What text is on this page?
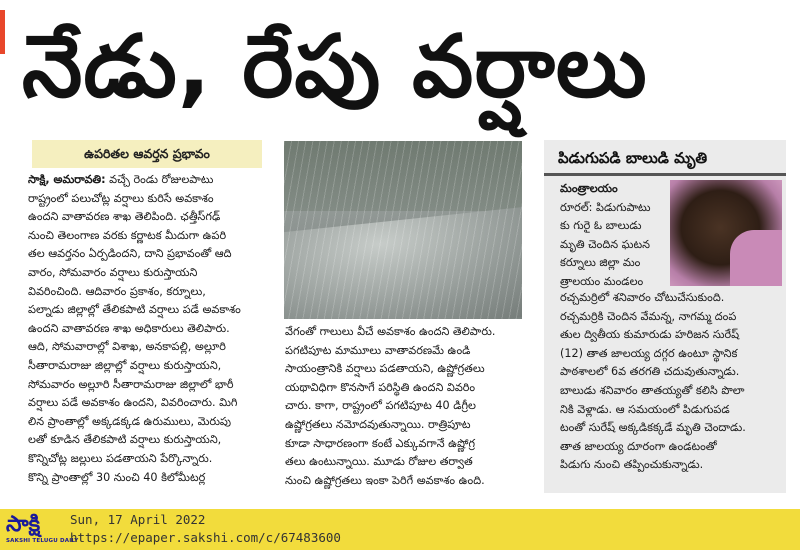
నేడు, రేపు వర్షాలు
ఉపరితల ఆవర్తన ప్రభావం

సాక్షి, అమరావతి: వచ్చే రెండు రోజులపాటు

రాష్ట్రంలో పలుచోట్ల వర్షాలు కురిసే అవకాశం

ఉందని వాతావరణ శాఖ తెలిపింది. ఛత్తీస్‌గఢ్

నుంచి తెలంగాణ వరకు కర్ణాటక మీదుగా ఉపరి

తల ఆవర్తనం ఏర్పడిందని, దాని ప్రభావంతో ఆది

వారం, సోమవారం వర్షాలు కురుస్తాయని

వివరించింది. ఆదివారం ప్రకాశం, కర్నూలు,

పల్నాడు జిల్లాల్లో తేలికపాటి వర్షాలు పడే అవకాశం

ఉందని వాతావరణ శాఖ అధికారులు తెలిపారు.

ఆది, సోమవారాల్లో విశాఖ, అనకాపల్లి, అల్లూరి

సీతారామరాజు జిల్లాల్లో వర్షాలు కురుస్తాయని,

సోమవారం అల్లూరి సీతారామరాజు జిల్లాలో భారీ

వర్షాలు పడే అవకాశం ఉందని, వివరించారు. మిగి

లిన ప్రాంతాల్లో అక్కడక్కడ ఉరుములు, మెరుపు

లతో కూడిన తేలికపాటి వర్షాలు కురుస్తాయని,

కొన్నిచోట్ల జల్లులు పడతాయని పేర్కొన్నారు.

కొన్ని ప్రాంతాల్లో 30 నుంచి 40 కిలోమీటర్ల

వేగంతో గాలులు వీచే అవకాశం ఉందని తెలిపారు.

పగటిపూట మామూలు వాతావరణమే ఉండి

సాయంత్రానికి వర్షాలు పడతాయని, ఉష్ణోగ్రతలు

యథావిధిగా కొనసాగే పరిస్థితి ఉందని వివరిం

చారు. కాగా, రాష్ట్రంలో పగటిపూట 40 డిగ్రీల

ఉష్ణోగ్రతలు నమోదవుతున్నాయి. రాత్రిపూట

కూడా సాధారణంగా కంటే ఎక్కువగానే ఉష్ణోగ్ర

తలు ఉంటున్నాయి. మూడు రోజుల తర్వాత

నుంచి ఉష్ణోగ్రతలు ఇంకా పెరిగే అవకాశం ఉంది.

పిడుగుపడి బాలుడి మృతి
మంత్రాలయం
రూరల్: పిడుగుపాటు
కు గురై ఓ బాలుడు
మృతి చెందిన ఘటన
కర్నూలు జిల్లా మం
త్రాలయం మండలం
రచ్చమర్రిలో శనివారం చోటుచేసుకుంది.
రచ్చమర్రికి చెందిన వేమన్న, నాగమ్మ దంప
తుల ద్వితీయ కుమారుడు హరిజన సురేష్
(12) తాత జాలయ్య దగ్గర ఉంటూ స్థానిక
పాఠశాలలో 6వ తరగతి చదువుతున్నాడు.
బాలుడు శనివారం తాతయ్యతో కలిసి పొలా
నికి వెళ్లాడు. ఆ సమయంలో పిడుగుపడ
టంతో సురేష్ అక్కడికక్కడే మృతి చెందాడు.
తాత జాలయ్య దూరంగా ఉండటంతో
పిడుగు నుంచి తప్పించుకున్నాడు.
సాక్షి
SAKSHI TELUGU DAILY
Sun, 17 April 2022
https://epaper.sakshi.com/c/67483600
